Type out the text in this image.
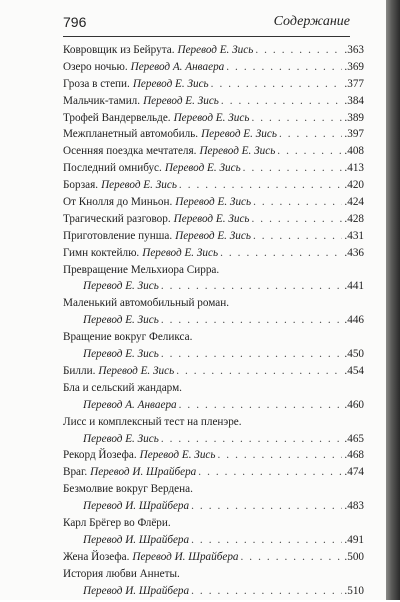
796	Содержание
Ковровщик из Бейрута. Перевод Е. Зись . . .	.363
Озеро ночью. Перевод А. Анвaера . . .	.369
Гроза в степи. Перевод Е. Зись . . .	.377
Мальчик-тамил. Перевод Е. Зись . . .	.384
Трофей Вандервельде. Перевод Е. Зись . . .	.389
Межпланетный автомобиль. Перевод Е. Зись . . .	.397
Осенняя поездка мечтателя. Перевод Е. Зись . . .	.408
Последний омнибус. Перевод Е. Зись . . .	.413
Борзая. Перевод Е. Зись . . .	.420
От Кнолля до Миньон. Перевод Е. Зись . . .	.424
Трагический разговор. Перевод Е. Зись . . .	.428
Приготовление пунша. Перевод Е. Зись . . .	.431
Гимн коктейлю. Перевод Е. Зись . . .	.436
Превращение Мельхиора Сирра.
Перевод Е. Зись . . .	.441
Маленький автомобильный роман.
Перевод Е. Зись . . .	.446
Вращение вокруг Феликса.
Перевод Е. Зись . . .	.450
Билли. Перевод Е. Зись . . .	.454
Бла и сельский жандарм.
Перевод А. Анвaера . . .	.460
Лисс и комплексный тест на пленэре.
Перевод Е. Зись . . .	.465
Рекорд Йозефа. Перевод Е. Зись . . .	.468
Враг. Перевод И. Шрайбера . . .	.474
Безмолвие вокруг Вердена.
Перевод И. Шрайбера . . .	.483
Карл Брёгер во Флёри.
Перевод И. Шрайбера . . .	.491
Жена Йозефа. Перевод И. Шрайбера . . .	.500
История любви Аннеты.
Перевод И. Шрайбера . . .	.510
